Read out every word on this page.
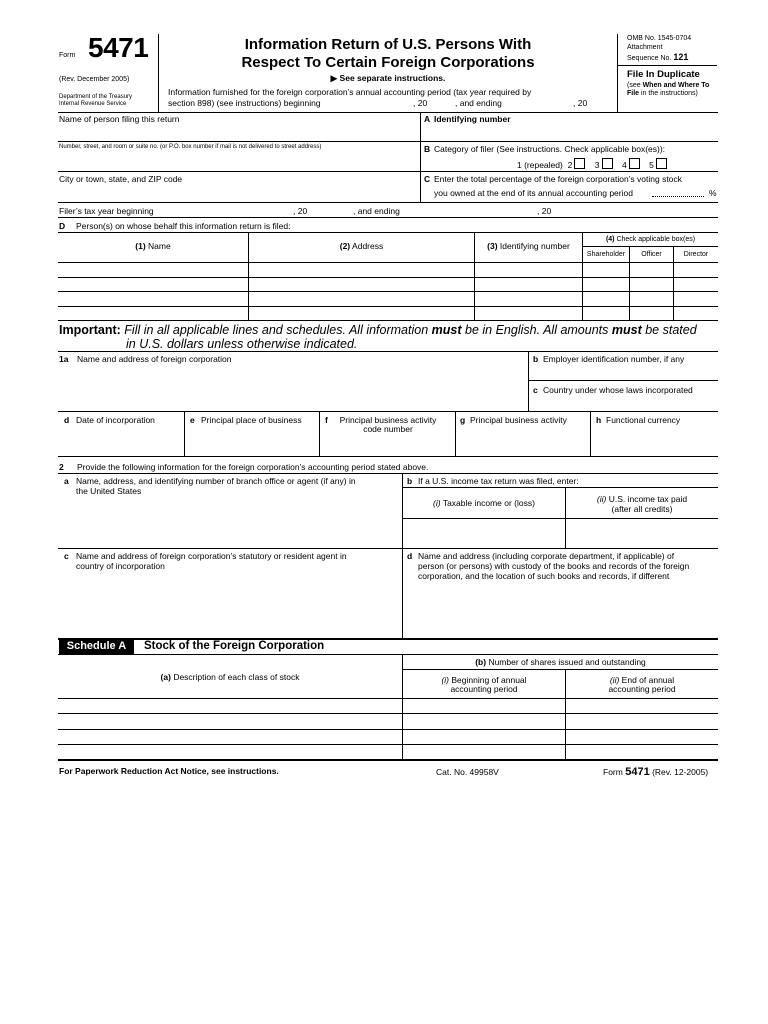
Form 5471
(Rev. December 2005)
Department of the Treasury
Internal Revenue Service
Information Return of U.S. Persons With
Respect To Certain Foreign Corporations
▶ See separate instructions.
Information furnished for the foreign corporation’s annual accounting period (tax year required by
section 898) (see instructions) beginning	, 20	, and ending	, 20
OMB No. 1545-0704
Attachment
Sequence No. 121
File In Duplicate
(see When and Where To File in the instructions)
Name of person filing this return	A Identifying number
Number, street, and room or suite no. (or P.O. box number if mail is not delivered to street address)	B Category of filer (See instructions. Check applicable box(es)):
1 (repealed) 2	3	4	5
City or town, state, and ZIP code	C Enter the total percentage of the foreign corporation’s voting stock
you owned at the end of its annual accounting period	%
Filer’s tax year beginning	, 20	, and ending	, 20
D Person(s) on whose behalf this information return is filed:
(1) Name	(2) Address	(3) Identifying number
(4) Check applicable box(es)
Shareholder	Officer	Director
Important: Fill in all applicable lines and schedules. All information must be in English. All amounts must be stated
in U.S. dollars unless otherwise indicated.
1a Name and address of foreign corporation	b Employer identification number, if any
c Country under whose laws incorporated
d Date of incorporation	e Principal place of business	f	Principal business activity
code number
g Principal business activity	h Functional currency
2 Provide the following information for the foreign corporation’s accounting period stated above.
a Name, address, and identifying number of branch office or agent (if any) in
the United States
b If a U.S. income tax return was filed, enter:
(i) Taxable income or (loss)	(ii) U.S. income tax paid
(after all credits)
c Name and address of foreign corporation’s statutory or resident agent in
country of incorporation
d Name and address (including corporate department, if applicable) of
person (or persons) with custody of the books and records of the foreign
corporation, and the location of such books and records, if different
Schedule A	Stock of the Foreign Corporation
(b) Number of shares issued and outstanding
(a) Description of each class of stock	(i) Beginning of annual
accounting period
(ii) End of annual
accounting period
For Paperwork Reduction Act Notice, see instructions.	Cat. No. 49958V	Form 5471 (Rev. 12-2005)
